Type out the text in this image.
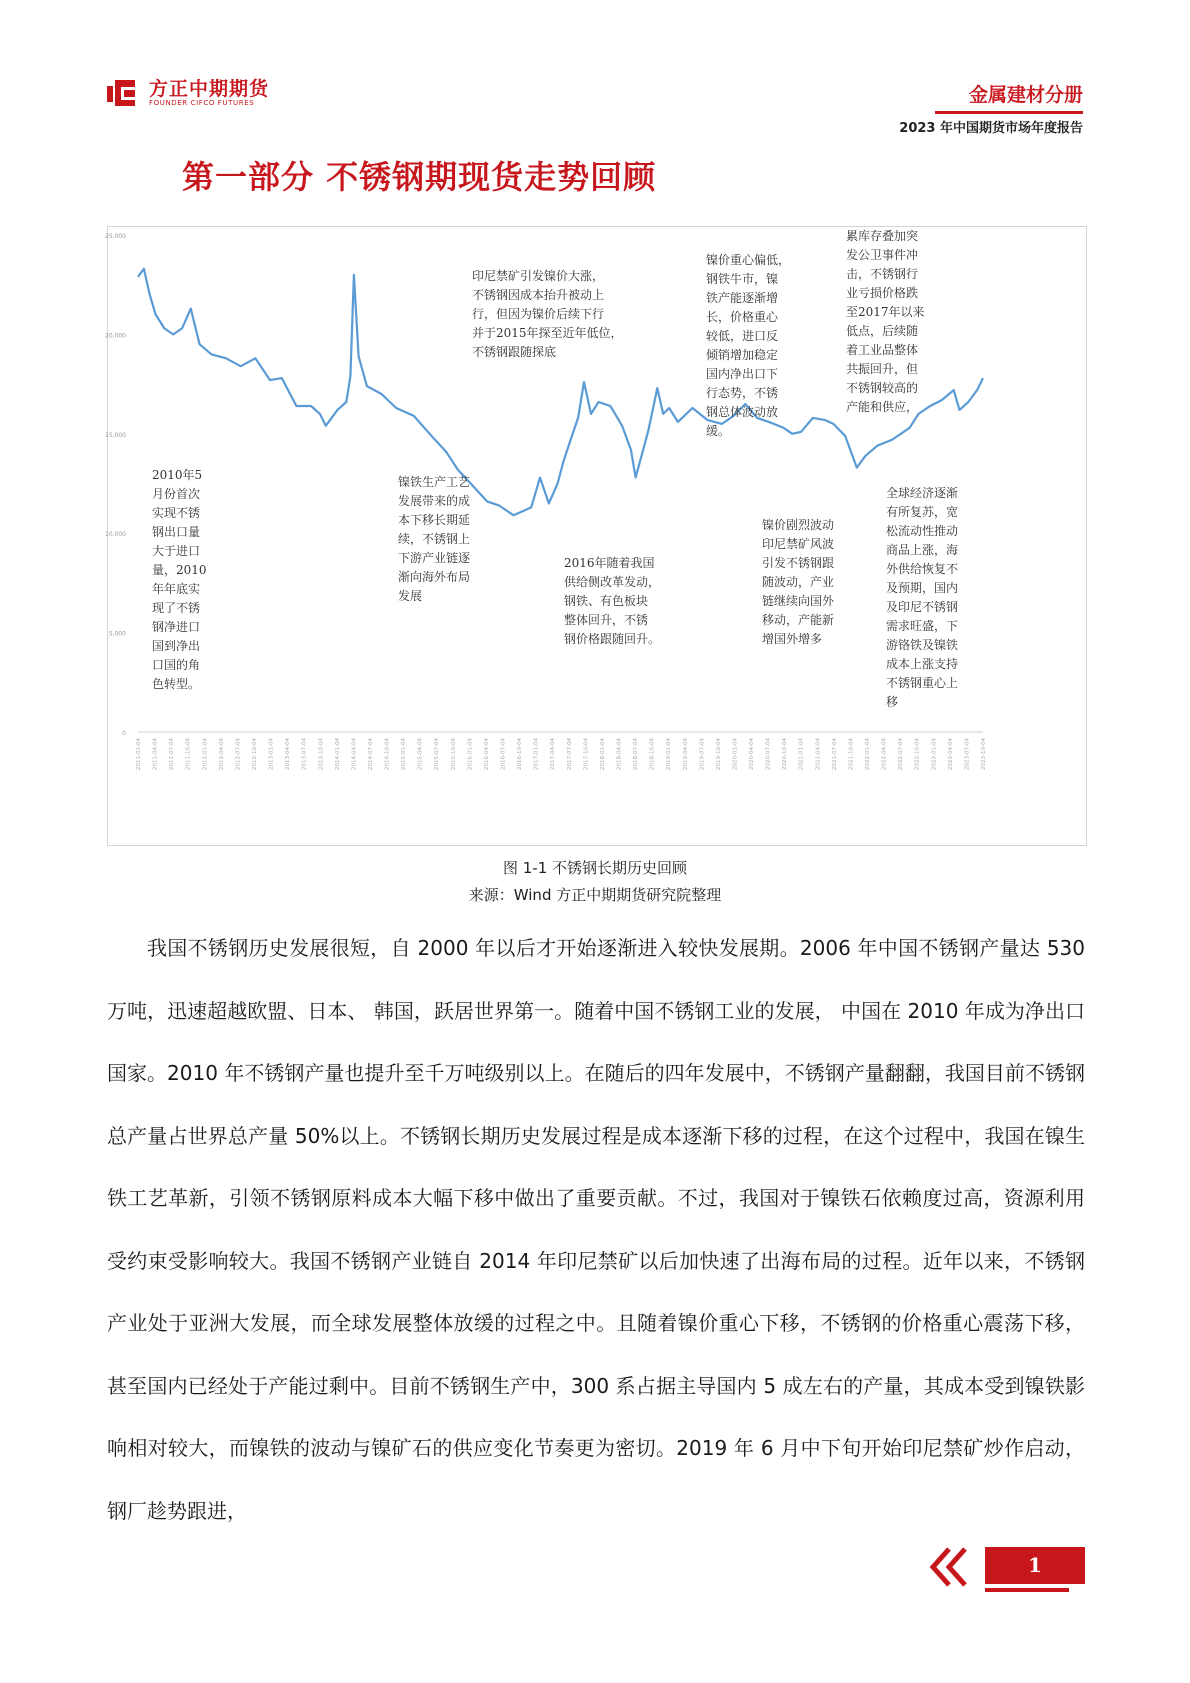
方正中期期货
FOUNDER CIFCO FUTURES	金属建材分册
2023 年中国期货市场年度报告
第一部分 不锈钢期现货走势回顾
25,000
20,000
15,000
10,000
5,000
0
2011-01-04 2011-04-04 2011-07-04 2011-10-04 2012-01-04 2012-04-04 2012-07-04 2012-10-04 2013-01-04 2013-04-04 2013-07-04 2013-10-04 2014-01-04 2014-04-04 2014-07-04 2014-10-04 2015-01-04 2015-04-04 2015-07-04 2015-10-04 2016-01-04 2016-04-04 2016-07-04 2016-10-04 2017-01-04 2017-04-04 2017-07-04 2017-10-04 2018-01-04 2018-04-04 2018-07-04 2018-10-04 2019-01-04 2019-04-04 2019-07-04 2019-10-04 2020-01-04 2020-04-04 2020-07-04 2020-10-04 2021-01-04 2021-04-04 2021-07-04 2021-10-04 2022-01-04 2022-04-04 2022-07-04 2022-10-04 2023-01-04 2023-04-04 2023-07-04 2023-10-04
2010年5
月份首次
实现不锈
钢出口量
大于进口
量，2010
年年底实
现了不锈
钢净进口
国到净出
口国的角
色转型。
镍铁生产工艺
发展带来的成
本下移长期延
续，不锈钢上
下游产业链逐
渐向海外布局
发展
印尼禁矿引发镍价大涨，
不锈钢因成本抬升被动上
行，但因为镍价后续下行
并于2015年探至近年低位，
不锈钢跟随探底
2016年随着我国
供给侧改革发动，
钢铁、有色板块
整体回升，不锈
钢价格跟随回升。
镍价重心偏低，
钢铁牛市，镍
铁产能逐渐增
长，价格重心
较低，进口反
倾销增加稳定
国内净出口下
行态势，不锈
钢总体波动放
缓。
镍价剧烈波动
印尼禁矿风波
引发不锈钢跟
随波动，产业
链继续向国外
移动，产能新
增国外增多
累库存叠加突
发公卫事件冲
击，不锈钢行
业亏损价格跌
至2017年以来
低点，后续随
着工业品整体
共振回升，但
不锈钢较高的
产能和供应，
全球经济逐渐
有所复苏，宽
松流动性推动
商品上涨，海
外供给恢复不
及预期，国内
及印尼不锈钢
需求旺盛，下
游铬铁及镍铁
成本上涨支持
不锈钢重心上
移
图 1-1 不锈钢长期历史回顾
来源：Wind 方正中期期货研究院整理

我国不锈钢历史发展很短，自 2000 年以后才开始逐渐进入较快发展期。2006 年中国不锈钢产量达 530 万吨，迅速超越欧盟、日本、 韩国，跃居世界第一。随着中国不锈钢工业的发展， 中国在 2010 年成为净出口国家。2010 年不锈钢产量也提升至千万吨级别以上。在随后的四年发展中，不锈钢产量翻翻，我国目前不锈钢总产量占世界总产量 50%以上。不锈钢长期历史发展过程是成本逐渐下移的过程，在这个过程中，我国在镍生铁工艺革新，引领不锈钢原料成本大幅下移中做出了重要贡献。不过，我国对于镍铁石依赖度过高，资源利用受约束受影响较大。我国不锈钢产业链自 2014 年印尼禁矿以后加快速了出海布局的过程。近年以来，不锈钢产业处于亚洲大发展，而全球发展整体放缓的过程之中。且随着镍价重心下移，不锈钢的价格重心震荡下移，甚至国内已经处于产能过剩中。目前不锈钢生产中，300 系占据主导国内 5 成左右的产量，其成本受到镍铁影响相对较大，而镍铁的波动与镍矿石的供应变化节奏更为密切。2019 年 6 月中下旬开始印尼禁矿炒作启动，钢厂趁势跟进，

1
